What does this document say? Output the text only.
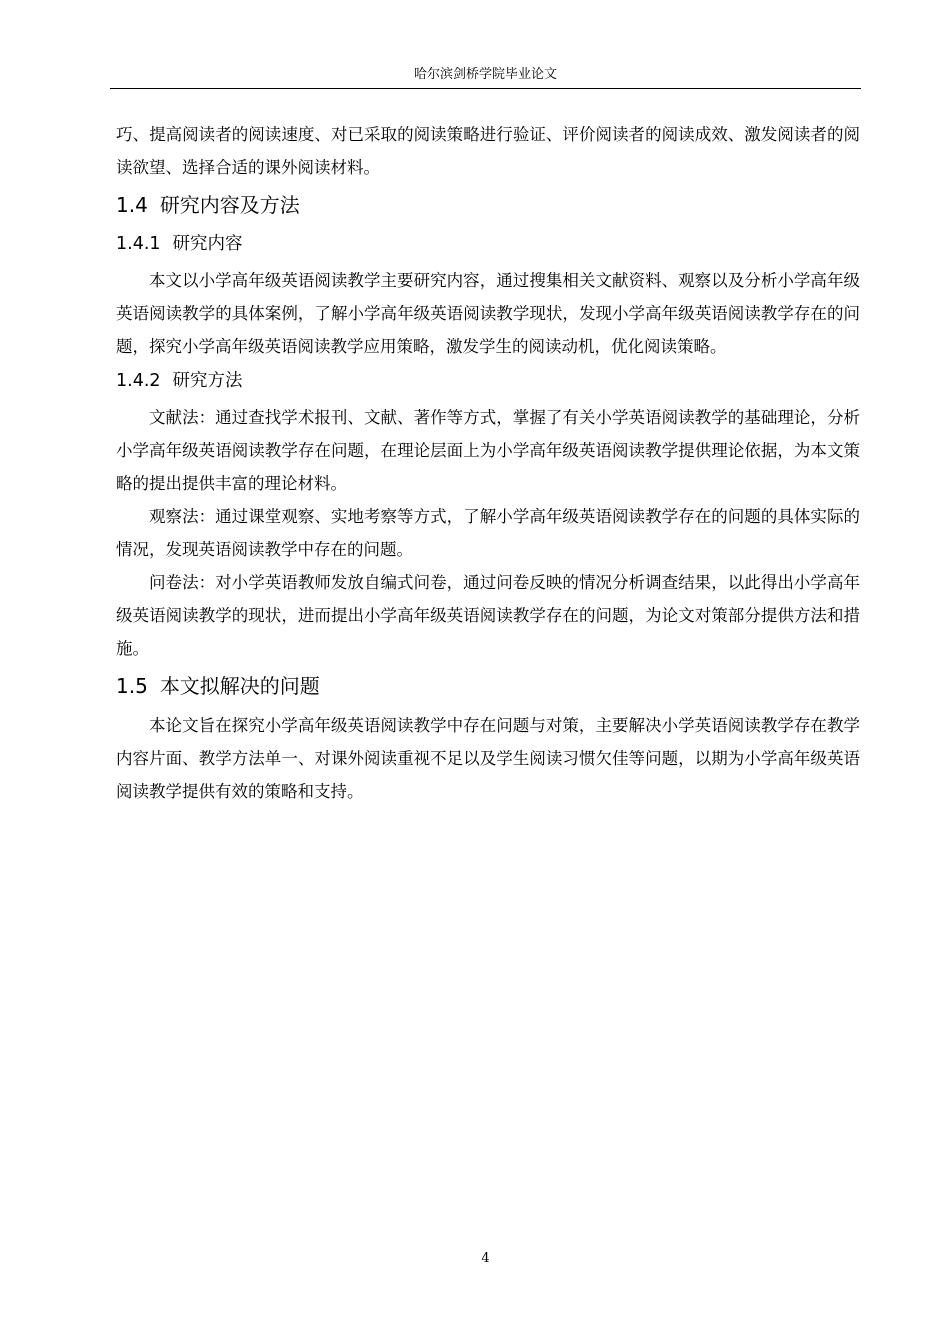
哈尔滨剑桥学院毕业论文

巧、提高阅读者的阅读速度、对已采取的阅读策略进行验证、评价阅读者的阅读成效、激发阅读者的阅读欲望、选择合适的课外阅读材料。

1.4 研究内容及方法
1.4.1 研究内容

本文以小学高年级英语阅读教学主要研究内容，通过搜集相关文献资料、观察以及分析小学高年级英语阅读教学的具体案例，了解小学高年级英语阅读教学现状，发现小学高年级英语阅读教学存在的问题，探究小学高年级英语阅读教学应用策略，激发学生的阅读动机，优化阅读策略。

1.4.2 研究方法

文献法：通过查找学术报刊、文献、著作等方式，掌握了有关小学英语阅读教学的基础理论，分析小学高年级英语阅读教学存在问题，在理论层面上为小学高年级英语阅读教学提供理论依据，为本文策略的提出提供丰富的理论材料。

观察法：通过课堂观察、实地考察等方式，了解小学高年级英语阅读教学存在的问题的具体实际的情况，发现英语阅读教学中存在的问题。

问卷法：对小学英语教师发放自编式问卷，通过问卷反映的情况分析调查结果，以此得出小学高年级英语阅读教学的现状，进而提出小学高年级英语阅读教学存在的问题，为论文对策部分提供方法和措施。

1.5 本文拟解决的问题

本论文旨在探究小学高年级英语阅读教学中存在问题与对策，主要解决小学英语阅读教学存在教学内容片面、教学方法单一、对课外阅读重视不足以及学生阅读习惯欠佳等问题，以期为小学高年级英语阅读教学提供有效的策略和支持。

4
